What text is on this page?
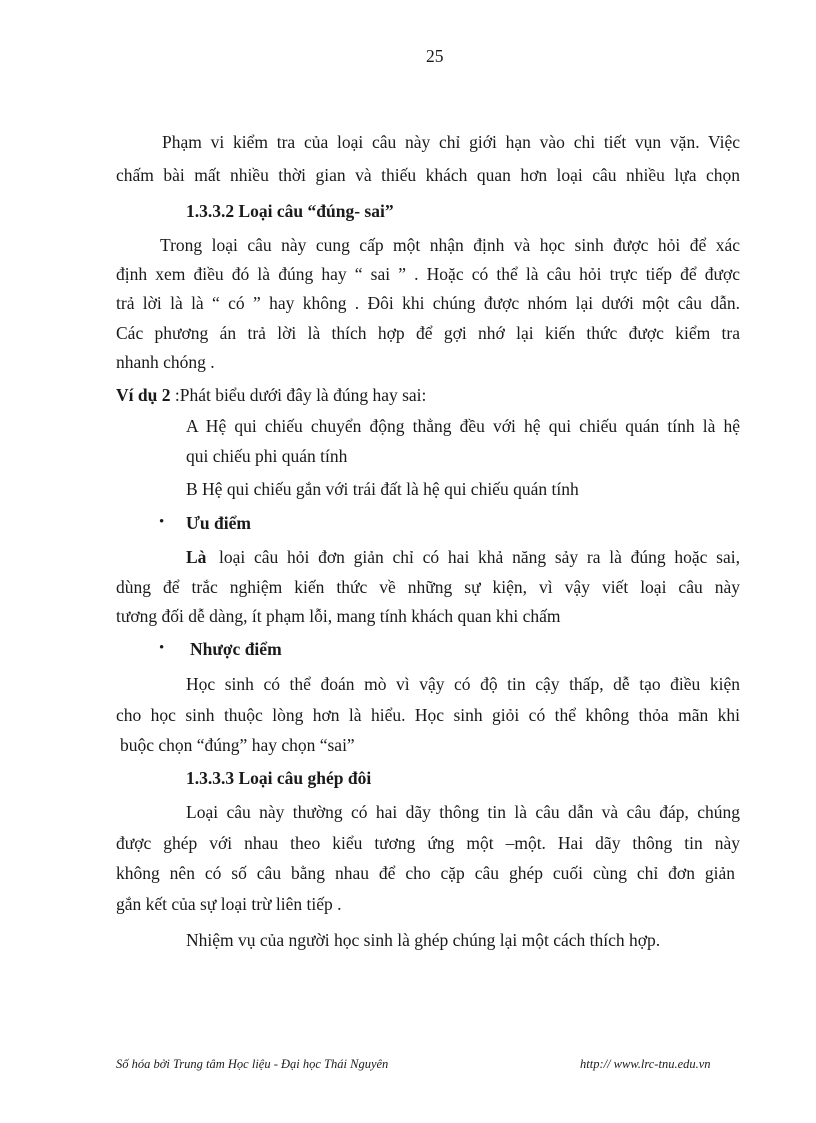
25
Phạm vi kiểm tra của loại câu này chỉ giới hạn vào chi tiết vụn vặn. Việc
chấm bài mất nhiều thời gian và thiếu khách quan hơn loại câu nhiều lựa chọn
1.3.3.2 Loại câu “đúng- sai”
Trong loại câu này cung cấp một nhận định và học sinh được hỏi để xác
định xem điều đó là đúng hay “ sai ” . Hoặc có thể là câu hỏi trực tiếp để được
trả lời là là “ có ” hay không . Đôi khi chúng được nhóm lại dưới một câu dẫn.
Các phương án trả lời là thích hợp để gợi nhớ lại kiến thức được kiểm tra
nhanh chóng .
Ví dụ 2 :Phát biểu dưới đây là đúng hay sai:
A Hệ qui chiếu chuyển động thẳng đều với hệ qui chiếu quán tính là hệ
qui chiếu phi quán tính
B Hệ qui chiếu gắn với trái đất là hệ qui chiếu quán tính
• Ưu điểm
Là loại câu hỏi đơn giản chỉ có hai khả năng sảy ra là đúng hoặc sai,
dùng để trắc nghiệm kiến thức về những sự kiện, vì vậy viết loại câu này
tương đối dễ dàng, ít phạm lỗi, mang tính khách quan khi chấm
• Nhược điểm
Học sinh có thể đoán mò vì vậy có độ tin cậy thấp, dễ tạo điều kiện
cho học sinh thuộc lòng hơn là hiểu. Học sinh giỏi có thể không thỏa mãn khi
buộc chọn “đúng” hay chọn “sai”
1.3.3.3 Loại câu ghép đôi
Loại câu này thường có hai dãy thông tin là câu dẫn và câu đáp, chúng
được ghép với nhau theo kiểu tương ứng một –một. Hai dãy thông tin này
không nên có số câu bằng nhau để cho cặp câu ghép cuối cùng chỉ đơn giản
gắn kết của sự loại trừ liên tiếp .
Nhiệm vụ của người học sinh là ghép chúng lại một cách thích hợp.
Số hóa bởi Trung tâm Học liệu - Đại học Thái Nguyên	http:// www.lrc-tnu.edu.vn
